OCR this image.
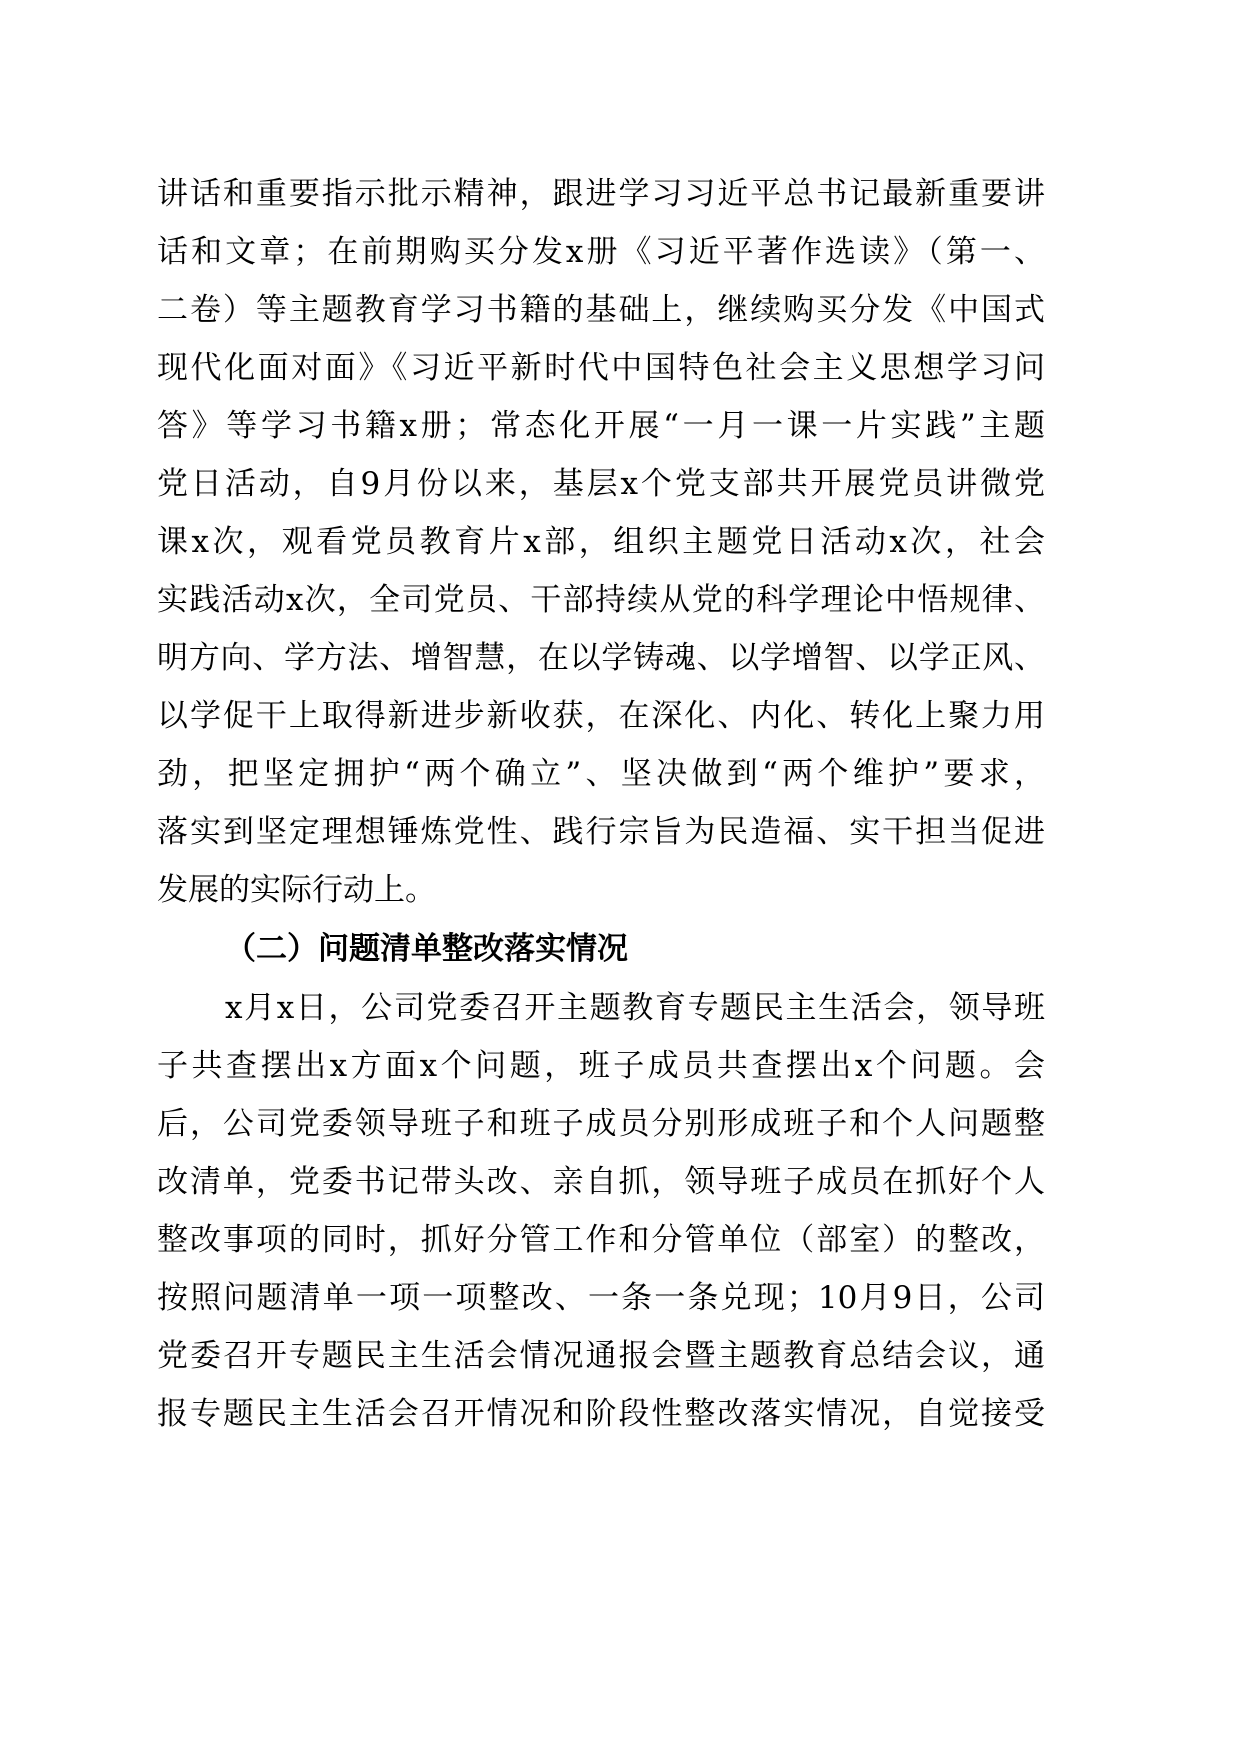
讲话和重要指示批示精神，跟进学习习近平总书记最新重要讲
话和文章；在前期购买分发x册《习近平著作选读》（第一、
二卷）等主题教育学习书籍的基础上，继续购买分发《中国式
现代化面对面》《习近平新时代中国特色社会主义思想学习问
答》等学习书籍x册；常态化开展“一月一课一片实践”主题
党日活动，自9月份以来，基层x个党支部共开展党员讲微党
课x次，观看党员教育片x部，组织主题党日活动x次，社会
实践活动x次，全司党员、干部持续从党的科学理论中悟规律、
明方向、学方法、增智慧，在以学铸魂、以学增智、以学正风、
以学促干上取得新进步新收获，在深化、内化、转化上聚力用
劲，把坚定拥护“两个确立”、坚决做到“两个维护”要求，
落实到坚定理想锤炼党性、践行宗旨为民造福、实干担当促进
发展的实际行动上。
（二）问题清单整改落实情况
x月x日，公司党委召开主题教育专题民主生活会，领导班
子共查摆出x方面x个问题，班子成员共查摆出x个问题。会
后，公司党委领导班子和班子成员分别形成班子和个人问题整
改清单，党委书记带头改、亲自抓，领导班子成员在抓好个人
整改事项的同时，抓好分管工作和分管单位（部室）的整改，
按照问题清单一项一项整改、一条一条兑现；10月9日，公司
党委召开专题民主生活会情况通报会暨主题教育总结会议，通
报专题民主生活会召开情况和阶段性整改落实情况，自觉接受
